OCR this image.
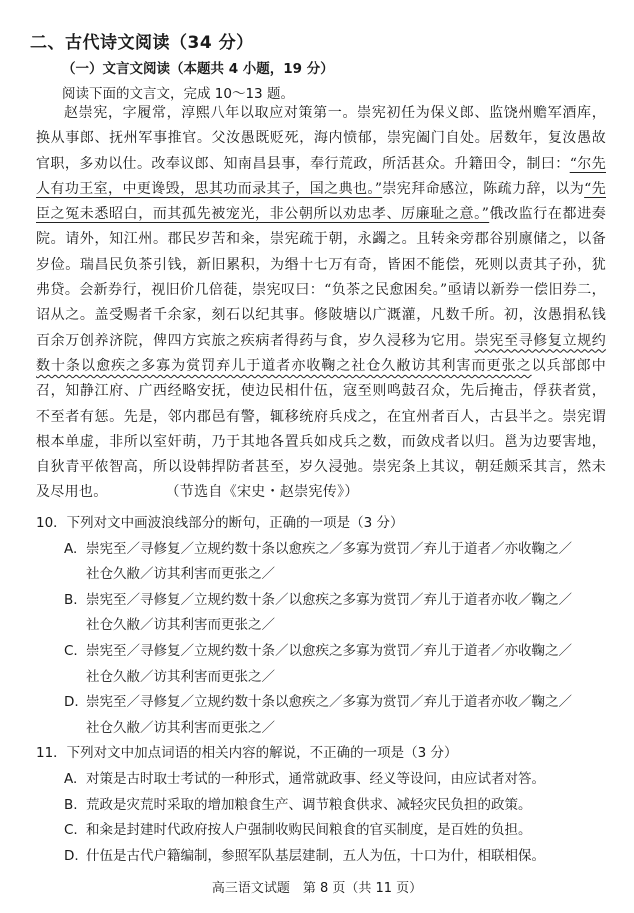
二、古代诗文阅读（34 分）
（一）文言文阅读（本题共 4 小题，19 分）
阅读下面的文言文，完成 10～13 题。
赵崇宪，字履常，淳熙八年以取应对策第一。崇宪初任为保义郎、监饶州赡军酒库，换从事郎、抚州军事推官。父汝愚既贬死，海内愤郁，崇宪阖门自处。居数年，复汝愚故官职，多劝以仕。改奉议郎、知南昌县事，奉行荒政，所活甚众。升籍田令，制曰：“尔先人有功王室，中更谗毁，思其功而录其子，国之典也。”崇宪拜命感泣，陈疏力辞，以为“先臣之冤未悉昭白，而其孤先被宠光，非公朝所以劝忠孝、厉廉耻之意。”俄改监行在都进奏院。请外，知江州。郡民岁苦和籴，崇宪疏于朝，永蠲之。且转籴旁郡谷别廪储之，以备岁俭。瑞昌民负茶引钱，新旧累积，为缗十七万有奇，皆困不能偿，死则以责其子孙，犹弗贷。会新券行，视旧价几倍蓰，崇宪叹曰：“负茶之民愈困矣。”亟请以新券一偿旧券二，诏从之。盖受赐者千余家，刻石以纪其事。修陂塘以广溉灌，凡数千所。初，汝愚捐私钱百余万创养济院，俾四方宾旅之疾病者得药与食，岁久浸移为它用。崇宪至寻修复立规约数十条以愈疾之多寡为赏罚弃儿于道者亦收鞠之社仓久敝访其利害而更张之以兵部郎中召，知静江府、广西经略安抚，使边民相什伍，寇至则鸣鼓召众，先后掩击，俘获者赏，不至者有惩。先是，邻内郡邑有警，辄移统府兵戍之，在宜州者百人，古县半之。崇宪谓根本单虚，非所以室奸萌，乃于其地各置兵如戍兵之数，而敛戍者以归。邕为边要害地，自狄青平侬智高，所以设韩捍防者甚至，岁久浸弛。崇宪条上其议，朝廷颇采其言，然未及尽用也。	（节选自《宋史・赵崇宪传》）
10．下列对文中画波浪线部分的断句，正确的一项是（3 分）
A. 崇宪至／寻修复／立规约数十条以愈疾之／多寡为赏罚／弃儿于道者／亦收鞠之／
社仓久敝／访其利害而更张之／
B. 崇宪至／寻修复／立规约数十条／以愈疾之多寡为赏罚／弃儿于道者亦收／鞠之／
社仓久敝／访其利害而更张之／
C. 崇宪至／寻修复／立规约数十条／以愈疾之多寡为赏罚／弃儿于道者／亦收鞠之／
社仓久敝／访其利害而更张之／
D. 崇宪至／寻修复／立规约数十条以愈疾之／多寡为赏罚／弃儿于道者亦收／鞠之／
社仓久敝／访其利害而更张之／
11．下列对文中加点词语的相关内容的解说，不正确的一项是（3 分）
A. 对策是古时取士考试的一种形式，通常就政事、经义等设问，由应试者对答。
B. 荒政是灾荒时采取的增加粮食生产、调节粮食供求、减轻灾民负担的政策。
C. 和籴是封建时代政府按人户强制收购民间粮食的官买制度，是百姓的负担。
D. 什伍是古代户籍编制，参照军队基层建制，五人为伍，十口为什，相联相保。
高三语文试题　第 8 页（共 11 页）
